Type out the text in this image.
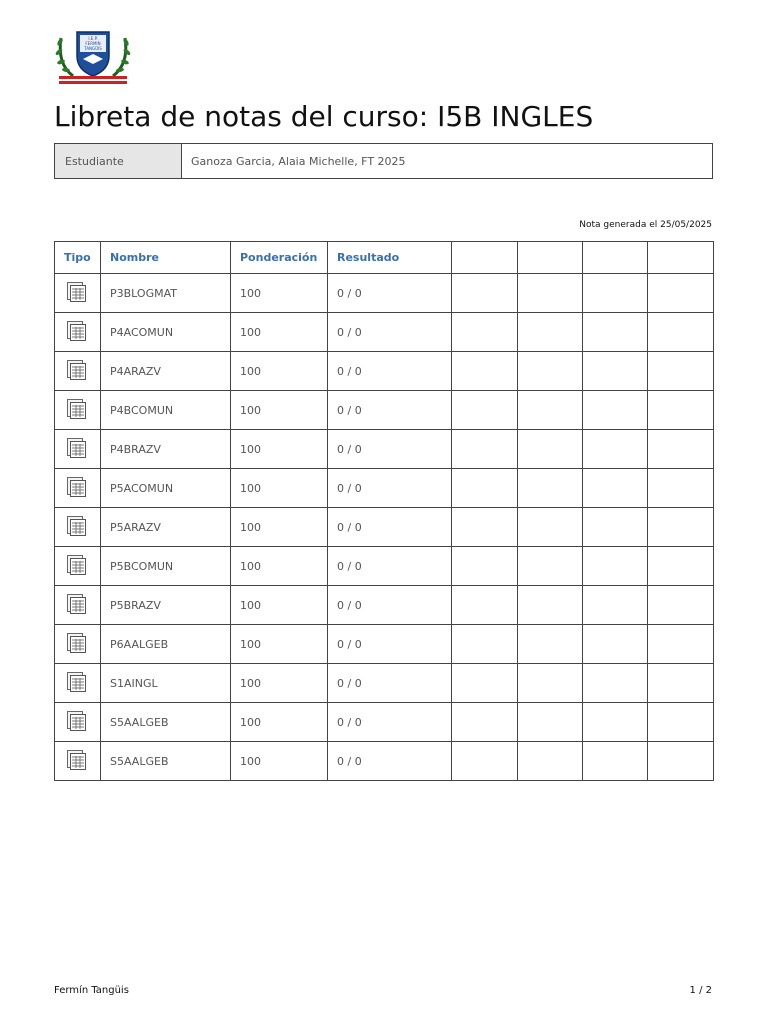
I.E.P.
FERMIN
TANGÜIS
Libreta de notas del curso: I5B INGLES
Estudiante	Ganoza Garcia, Alaia Michelle, FT 2025
Nota generada el 25/05/2025
Tipo	Nombre	Ponderación	Resultado				
	P3BLOGMAT	100	0 / 0				
	P4ACOMUN	100	0 / 0				
	P4ARAZV	100	0 / 0				
	P4BCOMUN	100	0 / 0				
	P4BRAZV	100	0 / 0				
	P5ACOMUN	100	0 / 0				
	P5ARAZV	100	0 / 0				
	P5BCOMUN	100	0 / 0				
	P5BRAZV	100	0 / 0				
	P6AALGEB	100	0 / 0				
	S1AINGL	100	0 / 0				
	S5AALGEB	100	0 / 0				
	S5AALGEB	100	0 / 0				
Fermín Tangüis	1 / 2
